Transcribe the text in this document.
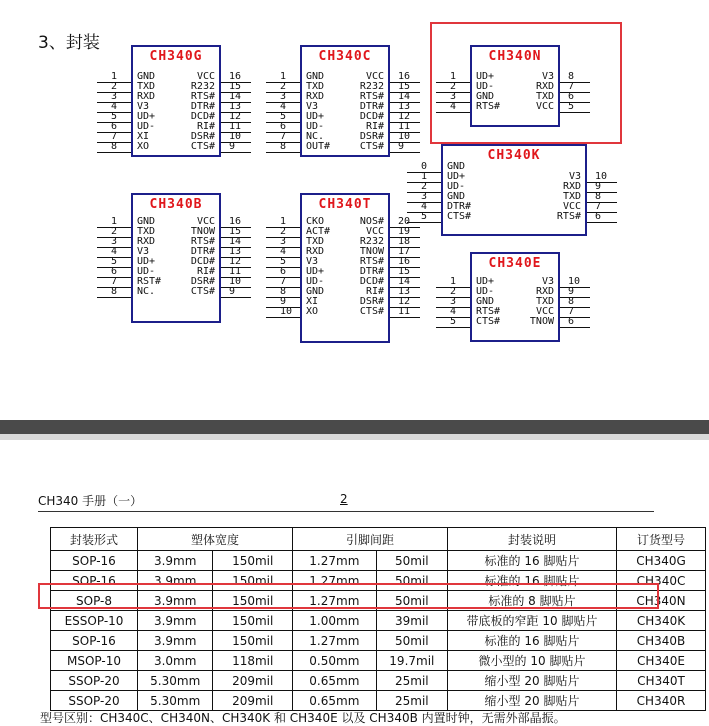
3、封装
CH340G
1 GND	16
VCC
2 TXD	15
R232
3 RXD	14
RTS#
4 V3	13
DTR#
5 UD+	12
DCD#
6 UD-	11
RI#
7 XI	10
DSR#
8 XO	9
CTS#
CH340C
1 GND	16
VCC
2 TXD	15
R232
3 RXD	14
RTS#
4 V3	13
DTR#
5 UD+	12
DCD#
6 UD-	11
RI#
7 NC.	10
DSR#
8 OUT#	9
CTS#
CH340N
1 UD+	8
V3
2 UD-	7
RXD
3 GND	6
TXD
4 RTS#	5
VCC
CH340K
0 GND
1 UD+	10
V3
2 UD-	9
RXD
3 GND	8
TXD
4 DTR#	7
VCC
5 CTS#	6
RTS#
CH340B
1 GND	16
VCC
2 TXD	15
TNOW
3 RXD	14
RTS#
4 V3	13
DTR#
5 UD+	12
DCD#
6 UD-	11
RI#
7 RST#	10
DSR#
8 NC.	9
CTS#
CH340T
1 CKO	20
NOS#
2 ACT#	19
VCC
3 TXD	18
R232
4 RXD	17
TNOW
5 V3	16
RTS#
6 UD+	15
DTR#
7 UD-	14
DCD#
8 GND	13
RI#
9 XI	12
DSR#
10 XO	11
CTS#
CH340E
1 UD+	10
V3
2 UD-	9
RXD
3 GND	8
TXD
4 RTS#	7
VCC
5 CTS#	6
TNOW
CH340 手册（一）	2
封装形式	塑体宽度		引脚间距		封装说明	订货型号
SOP-16	3.9mm	150mil	1.27mm	50mil	标准的 16 脚贴片	CH340G
SOP-16	3.9mm	150mil	1.27mm	50mil	标准的 16 脚贴片	CH340C
SOP-8	3.9mm	150mil	1.27mm	50mil	标准的 8 脚贴片	CH340N
ESSOP-10	3.9mm	150mil	1.00mm	39mil	带底板的窄距 10 脚贴片	CH340K
SOP-16	3.9mm	150mil	1.27mm	50mil	标准的 16 脚贴片	CH340B
MSOP-10	3.0mm	118mil	0.50mm	19.7mil	微小型的 10 脚贴片	CH340E
SSOP-20	5.30mm	209mil	0.65mm	25mil	缩小型 20 脚贴片	CH340T
SSOP-20	5.30mm	209mil	0.65mm	25mil	缩小型 20 脚贴片	CH340R
型号区别：CH340C、CH340N、CH340K 和 CH340E 以及 CH340B 内置时钟，无需外部晶振。
